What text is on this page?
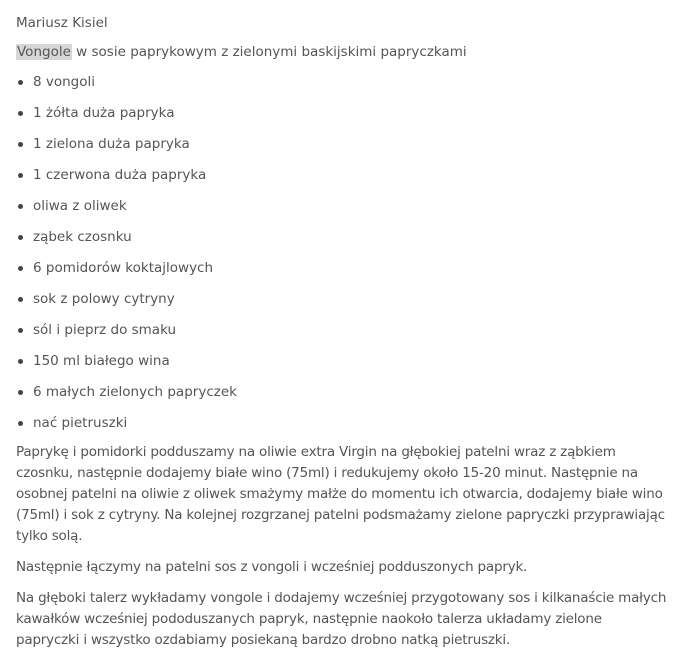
Mariusz Kisiel
Vongole w sosie paprykowym z zielonymi baskijskimi papryczkami
8 vongoli
1 żółta duża papryka
1 zielona duża papryka
1 czerwona duża papryka
oliwa z oliwek
ząbek czosnku
6 pomidorów koktajlowych
sok z polowy cytryny
sól i pieprz do smaku
150 ml białego wina
6 małych zielonych papryczek
nać pietruszki

Paprykę i pomidorki podduszamy na oliwie extra Virgin na głębokiej patelni wraz z ząbkiem czosnku, następnie dodajemy białe wino (75ml) i redukujemy około 15-20 minut. Następnie na osobnej patelni na oliwie z oliwek smażymy małże do momentu ich otwarcia, dodajemy białe wino (75ml) i sok z cytryny. Na kolejnej rozgrzanej patelni podsmażamy zielone papryczki przyprawiając tylko solą.

Następnie łączymy na patelni sos z vongoli i wcześniej podduszonych papryk.

Na głęboki talerz wykładamy vongole i dodajemy wcześniej przygotowany sos i kilkanaście małych kawałków wcześniej pododuszanych papryk, następnie naokoło talerza układamy zielone papryczki i wszystko ozdabiamy posiekaną bardzo drobno natką pietruszki.
